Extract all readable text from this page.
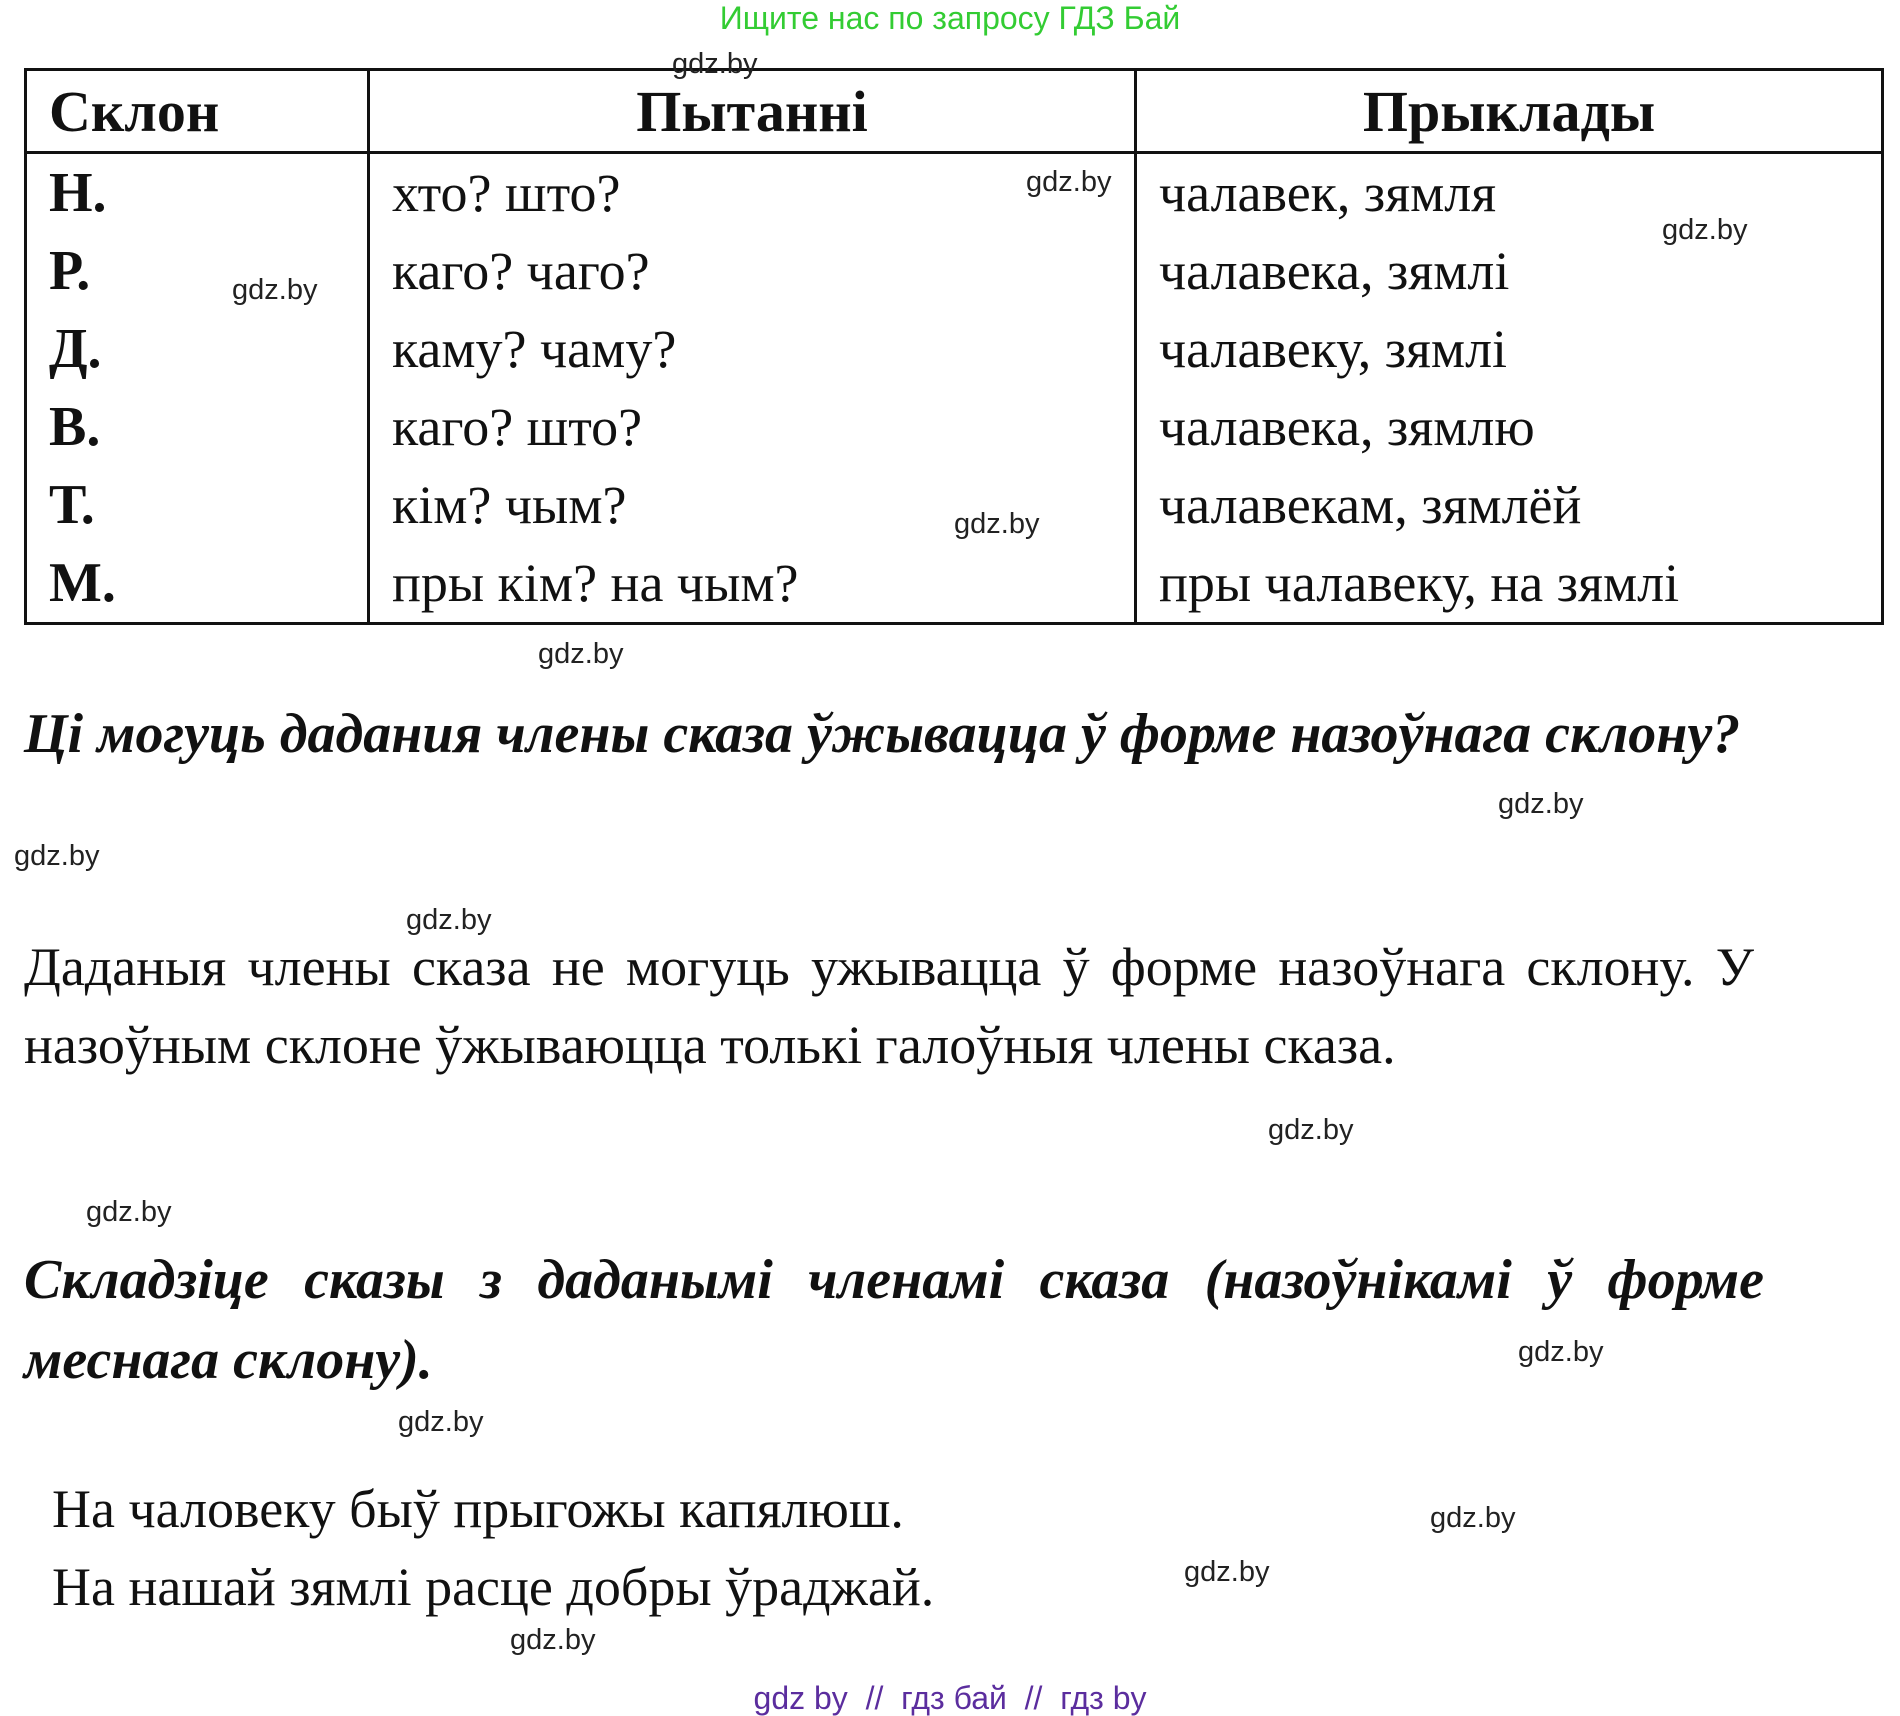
Ищите нас по запросу ГДЗ Бай
Склон	Пытанні	Прыклады
Н.	хто? што?	чалавек, зямля
Р.	каго? чаго?	чалавека, зямлі
Д.	каму? чаму?	чалавеку, зямлі
В.	каго? што?	чалавека, зямлю
Т.	кім? чым?	чалавекам, зямлёй
М.	пры кім? на чым?	пры чалавеку, на зямлі
Ці могуць дадания члены сказа ўжывацца ў форме назоўнага склону?
Даданыя члены сказа не могуць ужывацца ў форме назоўнага склону. У назоўным склоне ўжываюцца толькі галоўныя члены сказа.
Складзіце сказы з даданымі членамі сказа (назоўнікамі ў форме меснага склону).
На чаловеку быў прыгожы капялюш.
На нашай зямлі расце добры ўраджай.
gdz.by
gdz.by
gdz.by
gdz.by
gdz.by
gdz.by
gdz.by
gdz.by
gdz.by
gdz.by
gdz.by
gdz.by
gdz.by
gdz.by
gdz.by
gdz.by
gdz by  //  гдз бай  //  гдз by
